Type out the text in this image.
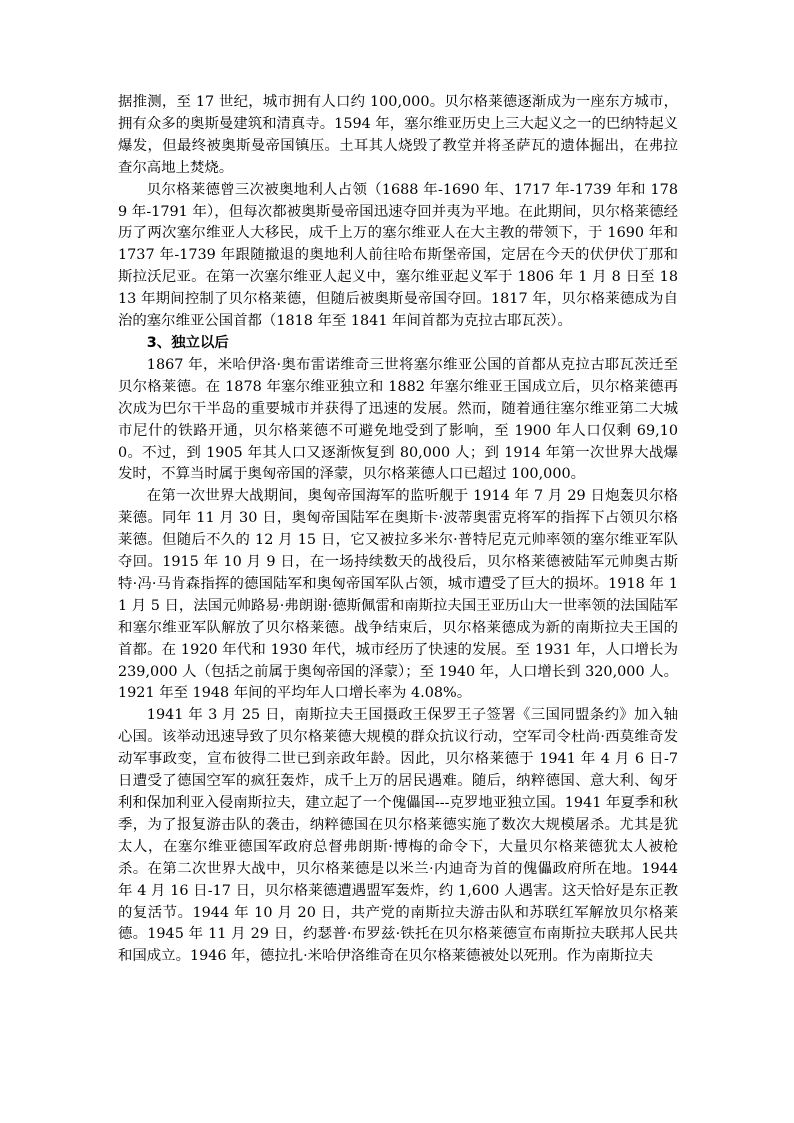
据推测，至 17 世纪，城市拥有人口约 100,000。贝尔格莱德逐渐成为一座东方城市，拥有众多的奥斯曼建筑和清真寺。1594 年，塞尔维亚历史上三大起义之一的巴纳特起义爆发，但最终被奥斯曼帝国镇压。土耳其人烧毁了教堂并将圣萨瓦的遗体掘出，在弗拉查尔高地上焚烧。

贝尔格莱德曾三次被奥地利人占领（1688 年-1690 年、1717 年-1739 年和 1789 年-1791 年），但每次都被奥斯曼帝国迅速夺回并夷为平地。在此期间，贝尔格莱德经历了两次塞尔维亚人大移民，成千上万的塞尔维亚人在大主教的带领下，于 1690 年和 1737 年-1739 年跟随撤退的奥地利人前往哈布斯堡帝国，定居在今天的伏伊伏丁那和斯拉沃尼亚。在第一次塞尔维亚人起义中，塞尔维亚起义军于 1806 年 1 月 8 日至 1813 年期间控制了贝尔格莱德，但随后被奥斯曼帝国夺回。1817 年，贝尔格莱德成为自治的塞尔维亚公国首都（1818 年至 1841 年间首都为克拉古耶瓦茨）。

3、独立以后

1867 年，米哈伊洛·奥布雷诺维奇三世将塞尔维亚公国的首都从克拉古耶瓦茨迁至贝尔格莱德。在 1878 年塞尔维亚独立和 1882 年塞尔维亚王国成立后，贝尔格莱德再次成为巴尔干半岛的重要城市并获得了迅速的发展。然而，随着通往塞尔维亚第二大城市尼什的铁路开通，贝尔格莱德不可避免地受到了影响，至 1900 年人口仅剩 69,100。不过，到 1905 年其人口又逐渐恢复到 80,000 人；到 1914 年第一次世界大战爆发时，不算当时属于奥匈帝国的泽蒙，贝尔格莱德人口已超过 100,000。

在第一次世界大战期间，奥匈帝国海军的监听舰于 1914 年 7 月 29 日炮轰贝尔格莱德。同年 11 月 30 日，奥匈帝国陆军在奥斯卡·波蒂奥雷克将军的指挥下占领贝尔格莱德。但随后不久的 12 月 15 日，它又被拉多米尔·普特尼克元帅率领的塞尔维亚军队夺回。1915 年 10 月 9 日，在一场持续数天的战役后，贝尔格莱德被陆军元帅奥古斯特·冯·马肯森指挥的德国陆军和奥匈帝国军队占领，城市遭受了巨大的损坏。1918 年 11 月 5 日，法国元帅路易·弗朗谢·德斯佩雷和南斯拉夫国王亚历山大一世率领的法国陆军和塞尔维亚军队解放了贝尔格莱德。战争结束后，贝尔格莱德成为新的南斯拉夫王国的首都。在 1920 年代和 1930 年代，城市经历了快速的发展。至 1931 年，人口增长为 239,000 人（包括之前属于奥匈帝国的泽蒙）；至 1940 年，人口增长到 320,000 人。1921 年至 1948 年间的平均年人口增长率为 4.08%。

1941 年 3 月 25 日，南斯拉夫王国摄政王保罗王子签署《三国同盟条约》加入轴心国。该举动迅速导致了贝尔格莱德大规模的群众抗议行动，空军司令杜尚·西莫维奇发动军事政变，宣布彼得二世已到亲政年龄。因此，贝尔格莱德于 1941 年 4 月 6 日-7 日遭受了德国空军的疯狂轰炸，成千上万的居民遇难。随后，纳粹德国、意大利、匈牙利和保加利亚入侵南斯拉夫，建立起了一个傀儡国---克罗地亚独立国。1941 年夏季和秋季，为了报复游击队的袭击，纳粹德国在贝尔格莱德实施了数次大规模屠杀。尤其是犹太人，在塞尔维亚德国军政府总督弗朗斯·博梅的命令下，大量贝尔格莱德犹太人被枪杀。在第二次世界大战中，贝尔格莱德是以米兰·内迪奇为首的傀儡政府所在地。1944 年 4 月 16 日-17 日，贝尔格莱德遭遇盟军轰炸，约 1,600 人遇害。这天恰好是东正教的复活节。1944 年 10 月 20 日，共产党的南斯拉夫游击队和苏联红军解放贝尔格莱德。1945 年 11 月 29 日，约瑟普·布罗兹·铁托在贝尔格莱德宣布南斯拉夫联邦人民共和国成立。1946 年，德拉扎·米哈伊洛维奇在贝尔格莱德被处以死刑。作为南斯拉夫
